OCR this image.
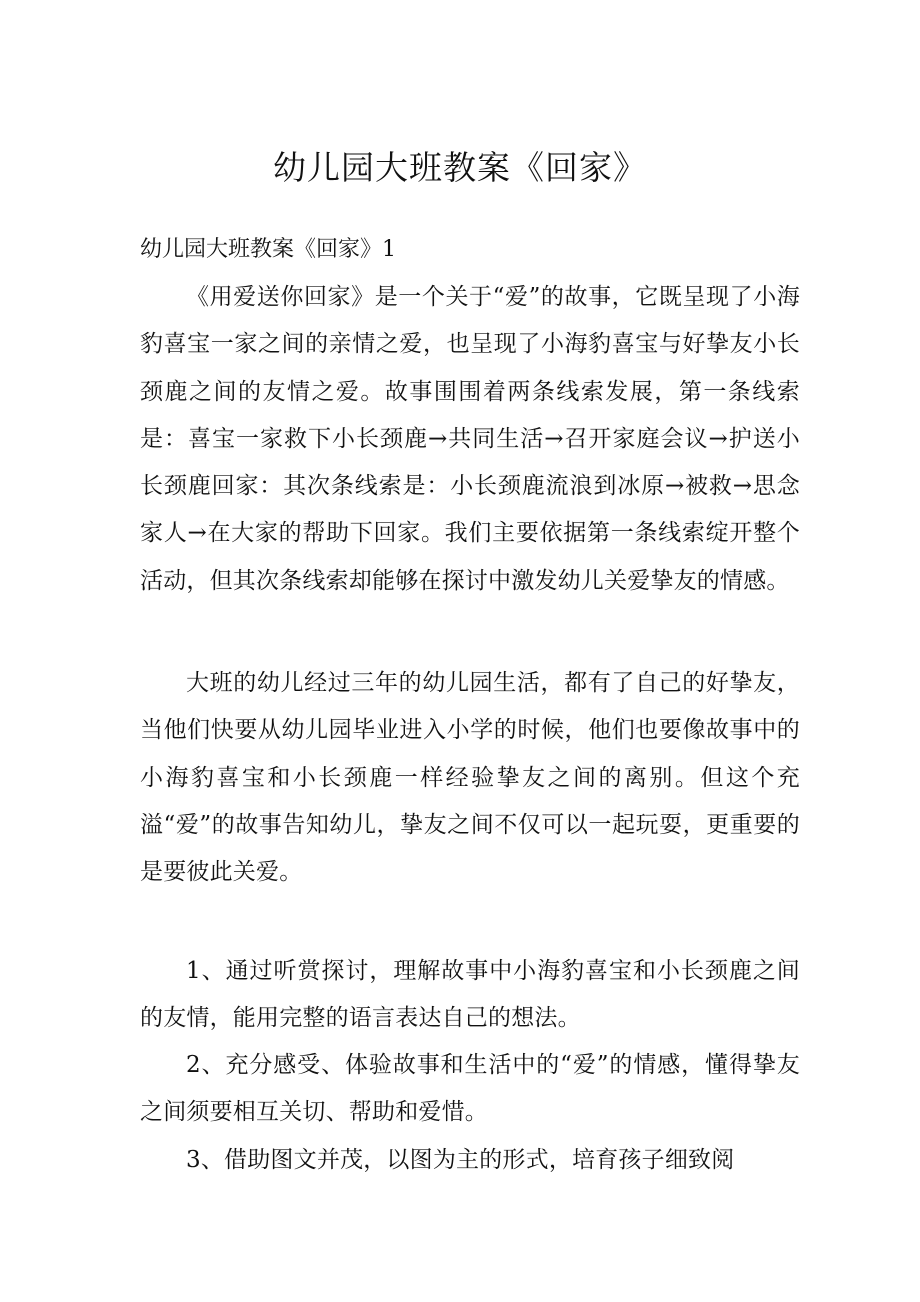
幼儿园大班教案《回家》

幼儿园大班教案《回家》1

《用爱送你回家》是一个关于“爱”的故事，它既呈现了小海豹喜宝一家之间的亲情之爱，也呈现了小海豹喜宝与好挚友小长颈鹿之间的友情之爱。故事围围着两条线索发展，第一条线索是：喜宝一家救下小长颈鹿→共同生活→召开家庭会议→护送小长颈鹿回家：其次条线索是：小长颈鹿流浪到冰原→被救→思念家人→在大家的帮助下回家。我们主要依据第一条线索绽开整个活动，但其次条线索却能够在探讨中激发幼儿关爱挚友的情感。

大班的幼儿经过三年的幼儿园生活，都有了自己的好挚友，当他们快要从幼儿园毕业进入小学的时候，他们也要像故事中的小海豹喜宝和小长颈鹿一样经验挚友之间的离别。但这个充溢“爱”的故事告知幼儿，挚友之间不仅可以一起玩耍，更重要的是要彼此关爱。

1、通过听赏探讨，理解故事中小海豹喜宝和小长颈鹿之间的友情，能用完整的语言表达自己的想法。

2、充分感受、体验故事和生活中的“爱”的情感，懂得挚友之间须要相互关切、帮助和爱惜。

3、借助图文并茂，以图为主的形式，培育孩子细致阅
